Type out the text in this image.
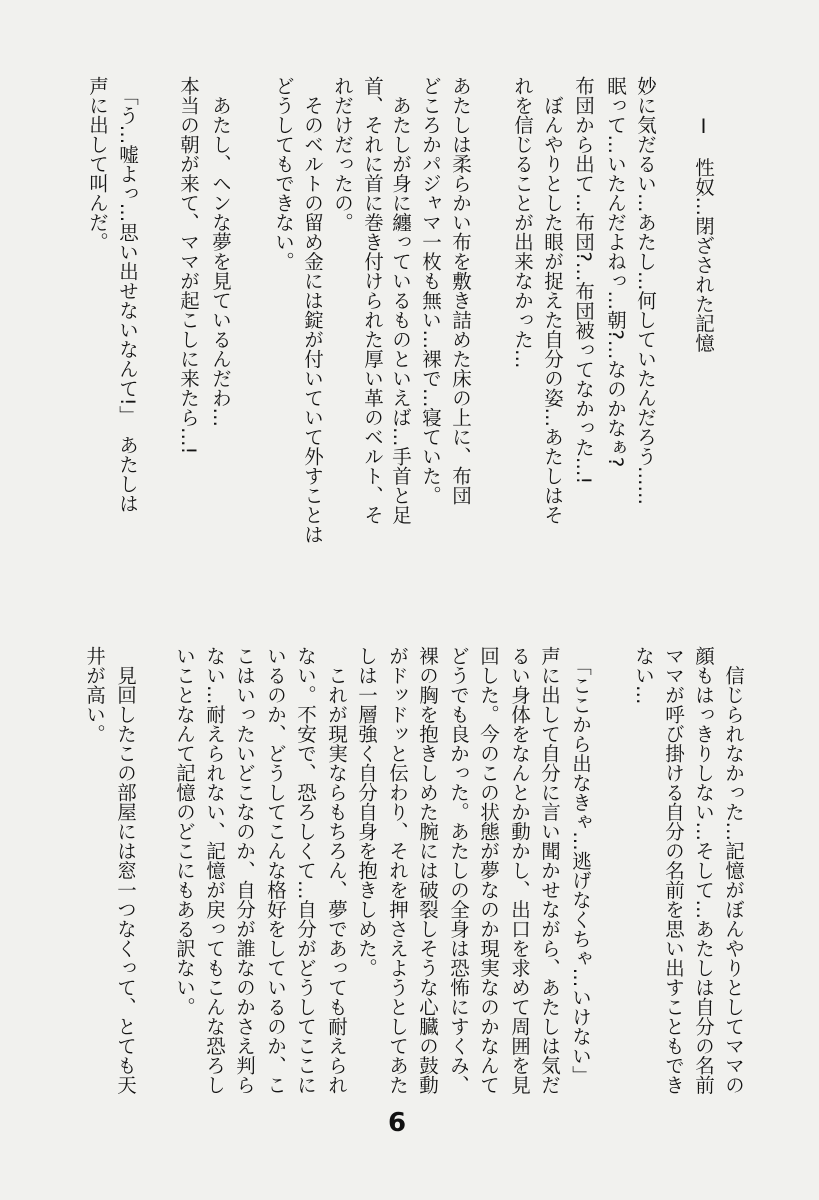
Ⅰ　性奴…閉ざされた記憶
妙に気だるい…あたし…何していたんだろう……
眠って…いたんだよねっ…朝?…なのかなぁ?
布団から出て…布団?…布団被ってなかった…!
　ぼんやりとした眼が捉えた自分の姿…あたしはそ
れを信じることが出来なかった…
あたしは柔らかい布を敷き詰めた床の上に、布団
どころかパジャマ一枚も無い…裸で…寝ていた。
　あたしが身に纏っているものといえば…手首と足
首、それに首に巻き付けられた厚い革のベルト、そ
れだけだったの。
　そのベルトの留め金には錠が付いていて外すことは
どうしてもできない。
　あたし、ヘンな夢を見ているんだわ…
本当の朝が来て、ママが起こしに来たら…!
　「う…嘘よっ…思い出せないなんて!」　あたしは
声に出して叫んだ。
　信じられなかった…記憶がぼんやりとしてママの
顔もはっきりしない…そして…あたしは自分の名前
ママが呼び掛ける自分の名前を思い出すこともでき
ない…
　「ここから出なきゃ…逃げなくちゃ…いけない」
声に出して自分に言い聞かせながら、あたしは気だ
るい身体をなんとか動かし、出口を求めて周囲を見
回した。今のこの状態が夢なのか現実なのかなんて
どうでも良かった。あたしの全身は恐怖にすくみ、
裸の胸を抱きしめた腕には破裂しそうな心臓の鼓動
がドッドッと伝わり、それを押さえようとしてあた
しは一層強く自分自身を抱きしめた。
　これが現実ならもちろん、夢であっても耐えられ
ない。不安で、恐ろしくて…自分がどうしてここに
いるのか、どうしてこんな格好をしているのか、こ
こはいったいどこなのか、自分が誰なのかさえ判ら
ない…耐えられない、記憶が戻ってもこんな恐ろし
いことなんて記憶のどこにもある訳ない。
　見回したこの部屋には窓一つなくって、とても天
井が高い。
6
